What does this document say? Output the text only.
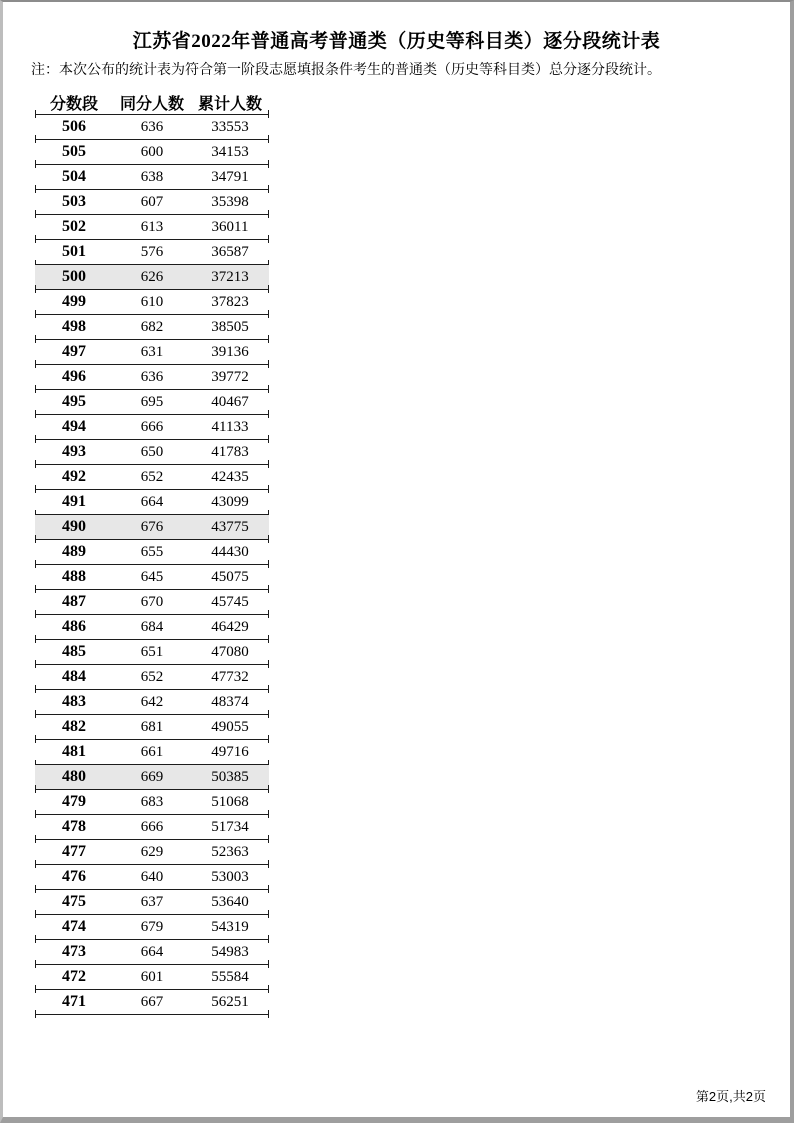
江苏省2022年普通高考普通类（历史等科目类）逐分段统计表
注：本次公布的统计表为符合第一阶段志愿填报条件考生的普通类（历史等科目类）总分逐分段统计。
分数段	同分人数 累计人数
506	636	33553
505	600	34153
504	638	34791
503	607	35398
502	613	36011
501	576	36587
500	626	37213
499	610	37823
498	682	38505
497	631	39136
496	636	39772
495	695	40467
494	666	41133
493	650	41783
492	652	42435
491	664	43099
490	676	43775
489	655	44430
488	645	45075
487	670	45745
486	684	46429
485	651	47080
484	652	47732
483	642	48374
482	681	49055
481	661	49716
480	669	50385
479	683	51068
478	666	51734
477	629	52363
476	640	53003
475	637	53640
474	679	54319
473	664	54983
472	601	55584
471	667	56251
第2页,共2页
